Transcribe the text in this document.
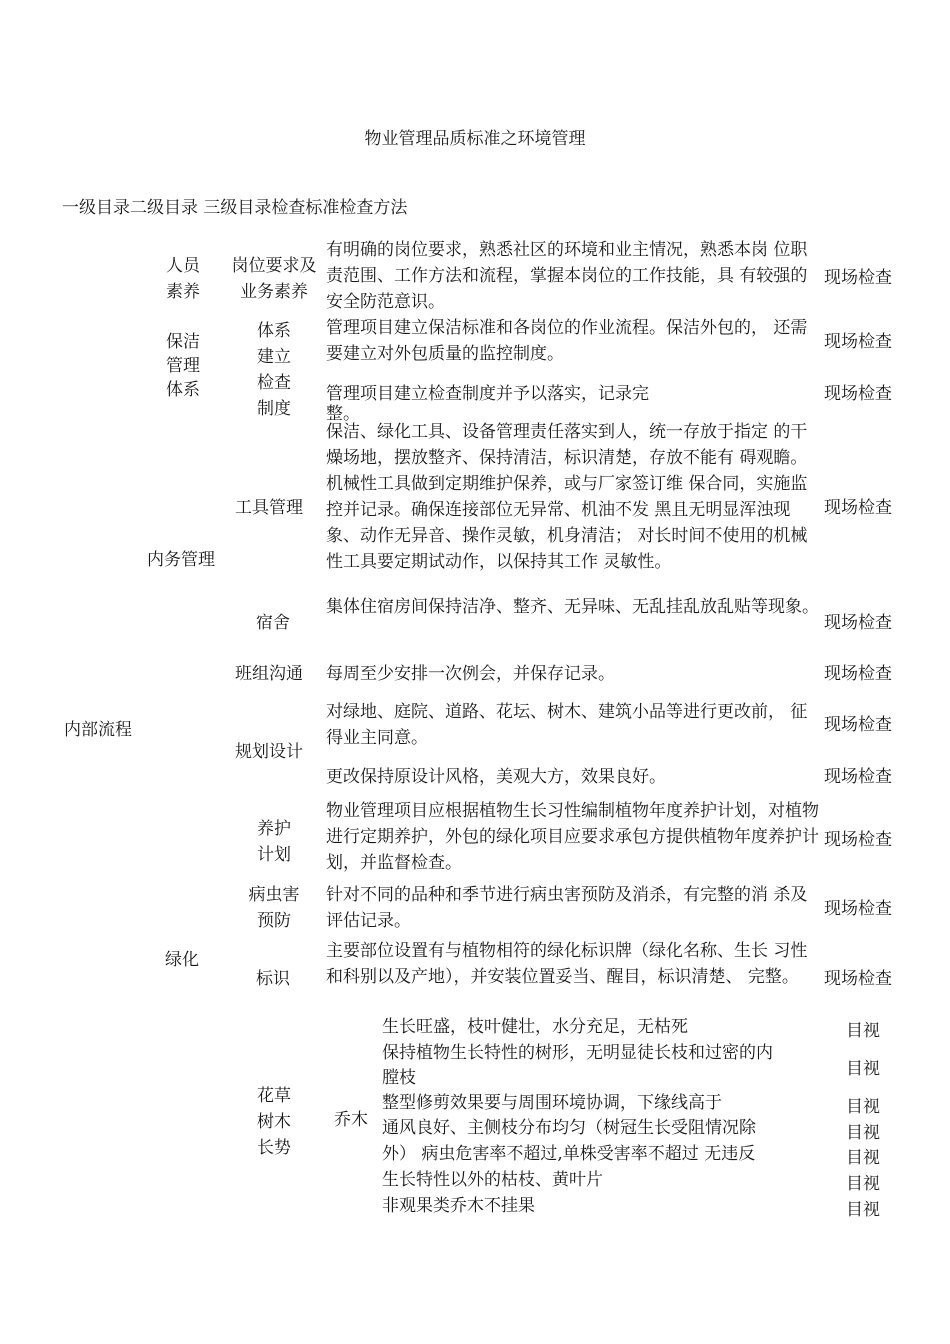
物业管理品质标准之环境管理
一级目录二级目录 三级目录检查标准检查方法
内部流程
人员
素养
保洁
管理
体系
内务管理
绿化
岗位要求及
业务素养
体系
建立
检查
制度
工具管理
宿舍
班组沟通
规划设计
养护
计划
病虫害
预防
标识
花草
树木
长势
乔木
有明确的岗位要求，熟悉社区的环境和业主情况，熟悉本岗 位职责范围、工作方法和流程，掌握本岗位的工作技能，具 有较强的安全防范意识。
管理项目建立保洁标准和各岗位的作业流程。保洁外包的， 还需要建立对外包质量的监控制度。
管理项目建立检查制度并予以落实，记录完
整。
保洁、绿化工具、设备管理责任落实到人，统一存放于指定 的干燥场地，摆放整齐、保持清洁，标识清楚，存放不能有 碍观瞻。机械性工具做到定期维护保养，或与厂家签订维 保合同，实施监控并记录。确保连接部位无异常、机油不发 黑且无明显浑浊现象、动作无异音、操作灵敏，机身清洁； 对长时间不使用的机械性工具要定期试动作，以保持其工作 灵敏性。
集体住宿房间保持洁净、整齐、无异味、无乱挂乱放乱贴等现象。
每周至少安排一次例会，并保存记录。
对绿地、庭院、道路、花坛、树木、建筑小品等进行更改前， 征得业主同意。
更改保持原设计风格，美观大方，效果良好。
物业管理项目应根据植物生长习性编制植物年度养护计划，对植物进行定期养护，外包的绿化项目应要求承包方提供植物年度养护计划，并监督检查。
针对不同的品种和季节进行病虫害预防及消杀，有完整的消 杀及评估记录。
主要部位设置有与植物相符的绿化标识牌（绿化名称、生长 习性和科别以及产地），并安装位置妥当、醒目，标识清楚、 完整。
生长旺盛，枝叶健壮，水分充足，无枯死
保持植物生长特性的树形，无明显徒长枝和过密的内
膛枝
整型修剪效果要与周围环境协调，下缘线高于
通风良好、主侧枝分布均匀（树冠生长受阻情况除
外） 病虫危害率不超过,单株受害率不超过 无违反
生长特性以外的枯枝、黄叶片
非观果类乔木不挂果
现场检查
现场检查
现场检查
现场检查
现场检查
现场检查
现场检查
现场检查
现场检查
现场检查
现场检查
目视
目视
目视
目视
目视
目视
目视
